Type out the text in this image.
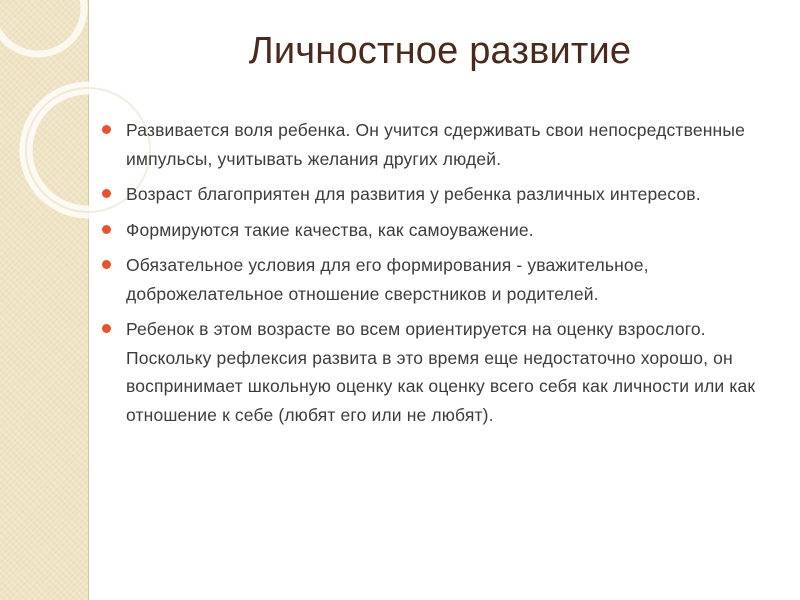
Личностное развитие
Развивается воля ребенка. Он учится сдерживать свои непосредственные импульсы, учитывать желания других людей.
Возраст благоприятен для развития у ребенка различных интересов.
Формируются такие качества, как самоуважение.
Обязательное условия для его формирования - уважительное, доброжелательное отношение сверстников и родителей.
Ребенок в этом возрасте во всем ориентируется на оценку взрослого. Поскольку рефлексия развита в это время еще недостаточно хорошо, он воспринимает школьную оценку как оценку всего себя как личности или как отношение к себе (любят его или не любят).
